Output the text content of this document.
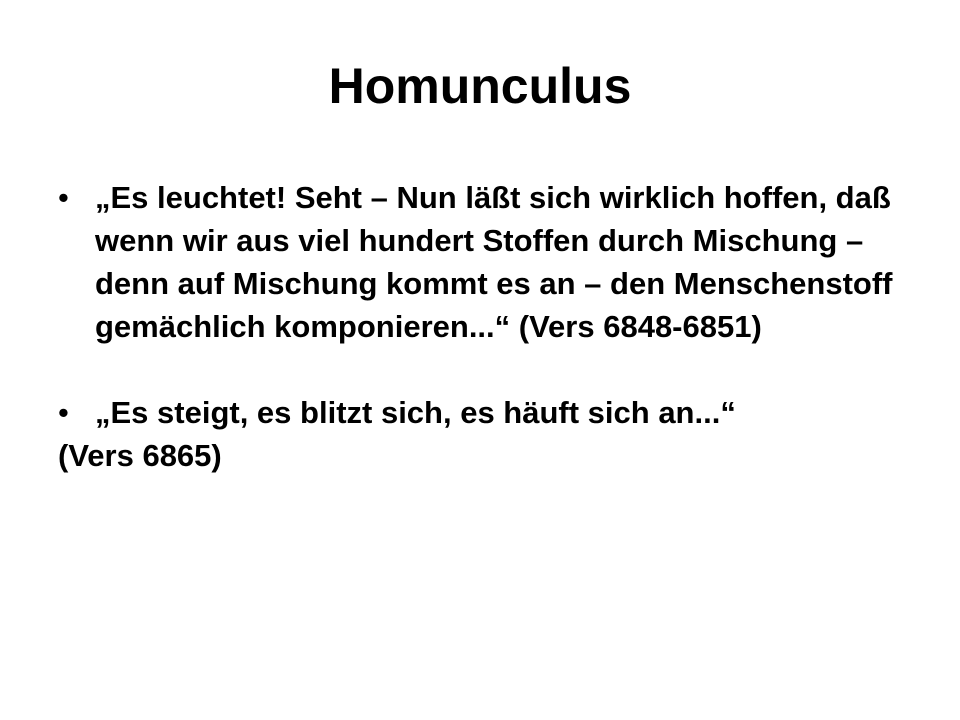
Homunculus
• „Es leuchtet! Seht – Nun läßt sich wirklich hoffen, daß wenn wir aus viel hundert Stoffen durch Mischung – denn auf Mischung kommt es an – den Menschenstoff gemächlich komponieren...“ (Vers 6848-6851)
• „Es steigt, es blitzt sich, es häuft sich an...“
(Vers 6865)
